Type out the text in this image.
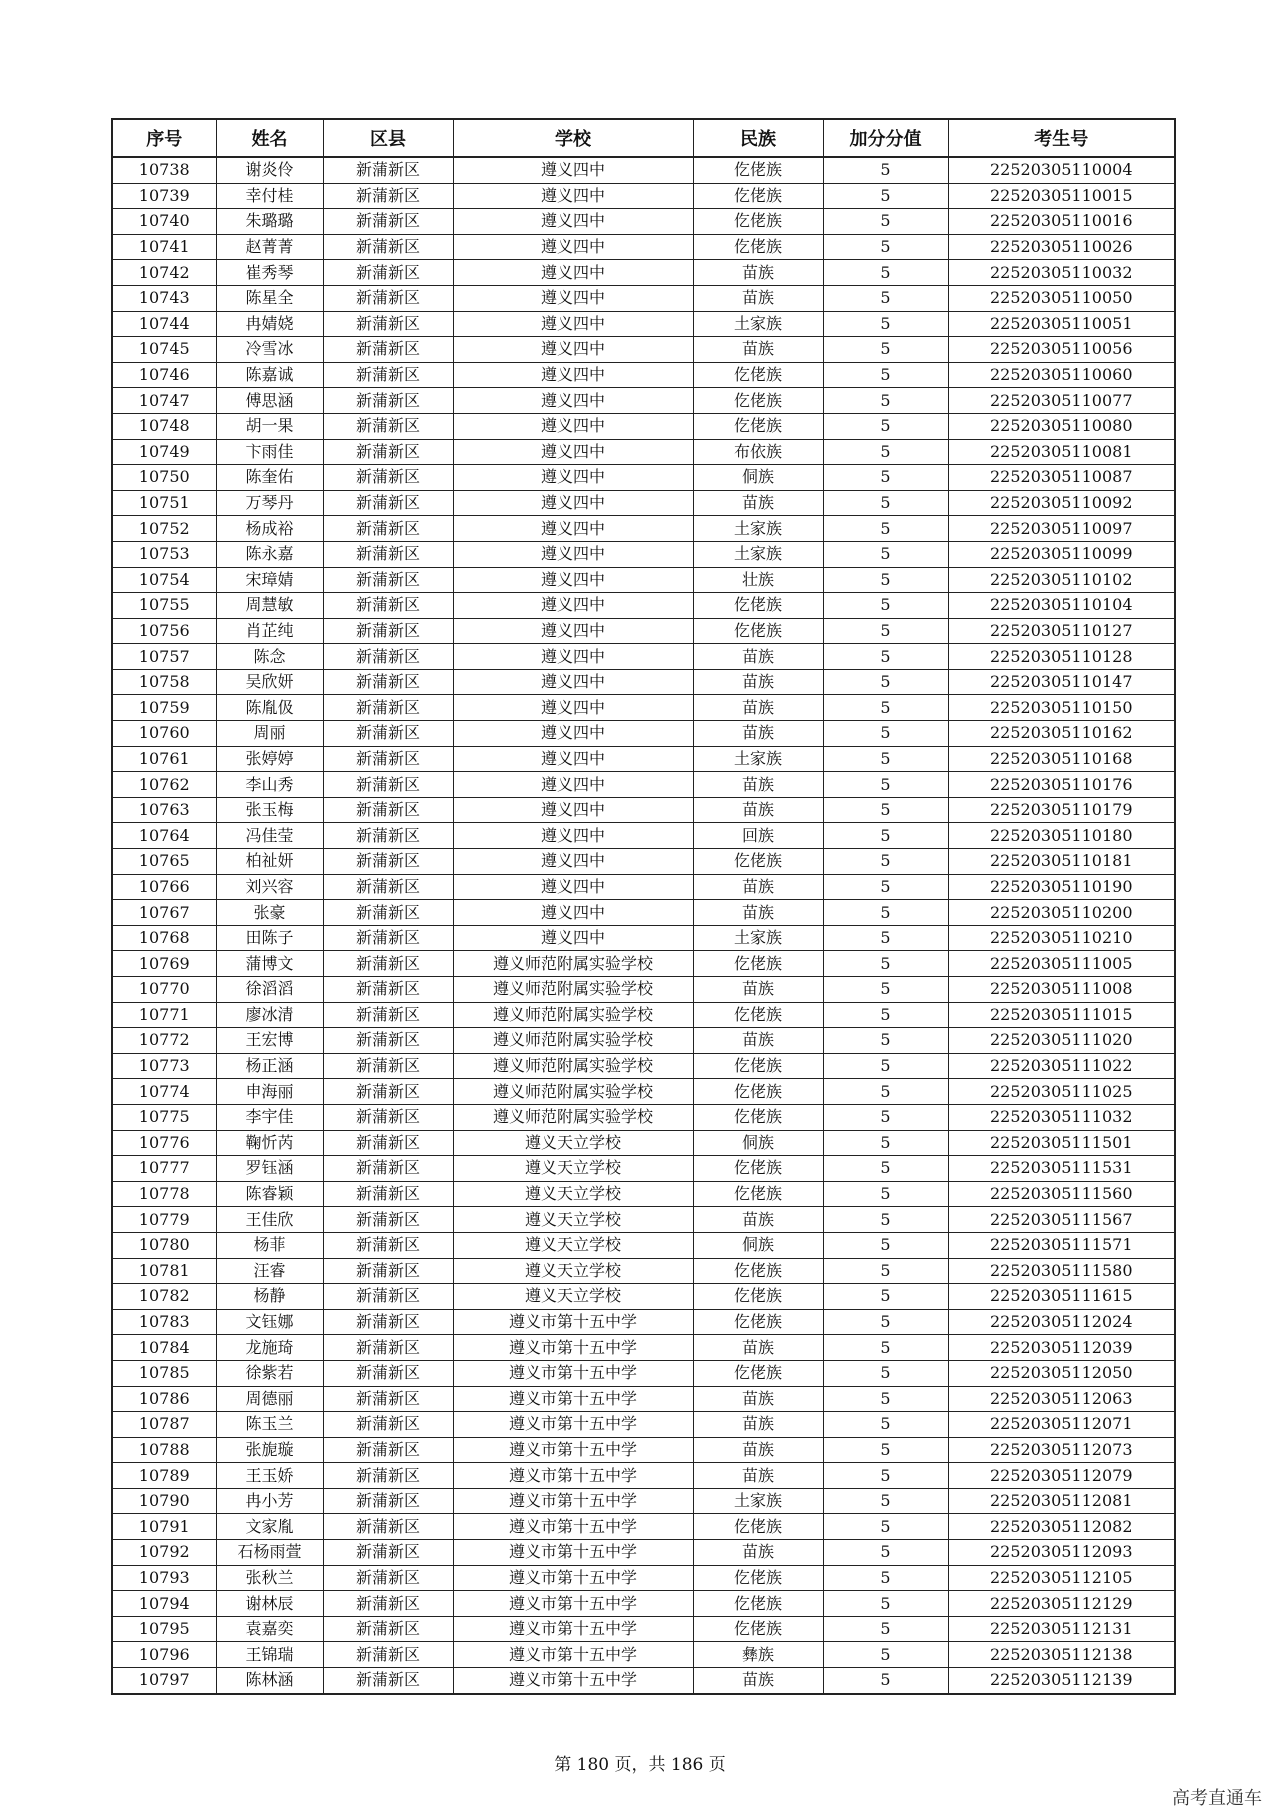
序号	姓名	区县	学校	民族	加分分值	考生号
10738	谢炎伶	新蒲新区	遵义四中	仡佬族	5	22520305110004
10739	幸付桂	新蒲新区	遵义四中	仡佬族	5	22520305110015
10740	朱璐璐	新蒲新区	遵义四中	仡佬族	5	22520305110016
10741	赵菁菁	新蒲新区	遵义四中	仡佬族	5	22520305110026
10742	崔秀琴	新蒲新区	遵义四中	苗族	5	22520305110032
10743	陈星全	新蒲新区	遵义四中	苗族	5	22520305110050
10744	冉婧娆	新蒲新区	遵义四中	土家族	5	22520305110051
10745	冷雪冰	新蒲新区	遵义四中	苗族	5	22520305110056
10746	陈嘉诚	新蒲新区	遵义四中	仡佬族	5	22520305110060
10747	傅思涵	新蒲新区	遵义四中	仡佬族	5	22520305110077
10748	胡一果	新蒲新区	遵义四中	仡佬族	5	22520305110080
10749	卞雨佳	新蒲新区	遵义四中	布依族	5	22520305110081
10750	陈奎佑	新蒲新区	遵义四中	侗族	5	22520305110087
10751	万琴丹	新蒲新区	遵义四中	苗族	5	22520305110092
10752	杨成裕	新蒲新区	遵义四中	土家族	5	22520305110097
10753	陈永嘉	新蒲新区	遵义四中	土家族	5	22520305110099
10754	宋璋婧	新蒲新区	遵义四中	壮族	5	22520305110102
10755	周慧敏	新蒲新区	遵义四中	仡佬族	5	22520305110104
10756	肖芷纯	新蒲新区	遵义四中	仡佬族	5	22520305110127
10757	陈念	新蒲新区	遵义四中	苗族	5	22520305110128
10758	吴欣妍	新蒲新区	遵义四中	苗族	5	22520305110147
10759	陈胤伋	新蒲新区	遵义四中	苗族	5	22520305110150
10760	周丽	新蒲新区	遵义四中	苗族	5	22520305110162
10761	张婷婷	新蒲新区	遵义四中	土家族	5	22520305110168
10762	李山秀	新蒲新区	遵义四中	苗族	5	22520305110176
10763	张玉梅	新蒲新区	遵义四中	苗族	5	22520305110179
10764	冯佳莹	新蒲新区	遵义四中	回族	5	22520305110180
10765	柏祉妍	新蒲新区	遵义四中	仡佬族	5	22520305110181
10766	刘兴容	新蒲新区	遵义四中	苗族	5	22520305110190
10767	张豪	新蒲新区	遵义四中	苗族	5	22520305110200
10768	田陈子	新蒲新区	遵义四中	土家族	5	22520305110210
10769	蒲博文	新蒲新区	遵义师范附属实验学校	仡佬族	5	22520305111005
10770	徐滔滔	新蒲新区	遵义师范附属实验学校	苗族	5	22520305111008
10771	廖冰清	新蒲新区	遵义师范附属实验学校	仡佬族	5	22520305111015
10772	王宏博	新蒲新区	遵义师范附属实验学校	苗族	5	22520305111020
10773	杨正涵	新蒲新区	遵义师范附属实验学校	仡佬族	5	22520305111022
10774	申海丽	新蒲新区	遵义师范附属实验学校	仡佬族	5	22520305111025
10775	李宇佳	新蒲新区	遵义师范附属实验学校	仡佬族	5	22520305111032
10776	鞠忻芮	新蒲新区	遵义天立学校	侗族	5	22520305111501
10777	罗钰涵	新蒲新区	遵义天立学校	仡佬族	5	22520305111531
10778	陈睿颖	新蒲新区	遵义天立学校	仡佬族	5	22520305111560
10779	王佳欣	新蒲新区	遵义天立学校	苗族	5	22520305111567
10780	杨菲	新蒲新区	遵义天立学校	侗族	5	22520305111571
10781	汪睿	新蒲新区	遵义天立学校	仡佬族	5	22520305111580
10782	杨静	新蒲新区	遵义天立学校	仡佬族	5	22520305111615
10783	文钰娜	新蒲新区	遵义市第十五中学	仡佬族	5	22520305112024
10784	龙施琦	新蒲新区	遵义市第十五中学	苗族	5	22520305112039
10785	徐紫若	新蒲新区	遵义市第十五中学	仡佬族	5	22520305112050
10786	周德丽	新蒲新区	遵义市第十五中学	苗族	5	22520305112063
10787	陈玉兰	新蒲新区	遵义市第十五中学	苗族	5	22520305112071
10788	张旎璇	新蒲新区	遵义市第十五中学	苗族	5	22520305112073
10789	王玉娇	新蒲新区	遵义市第十五中学	苗族	5	22520305112079
10790	冉小芳	新蒲新区	遵义市第十五中学	土家族	5	22520305112081
10791	文家胤	新蒲新区	遵义市第十五中学	仡佬族	5	22520305112082
10792	石杨雨萱	新蒲新区	遵义市第十五中学	苗族	5	22520305112093
10793	张秋兰	新蒲新区	遵义市第十五中学	仡佬族	5	22520305112105
10794	谢林辰	新蒲新区	遵义市第十五中学	仡佬族	5	22520305112129
10795	袁嘉奕	新蒲新区	遵义市第十五中学	仡佬族	5	22520305112131
10796	王锦瑞	新蒲新区	遵义市第十五中学	彝族	5	22520305112138
10797	陈林涵	新蒲新区	遵义市第十五中学	苗族	5	22520305112139
第 180 页，共 186 页
高考直通车
